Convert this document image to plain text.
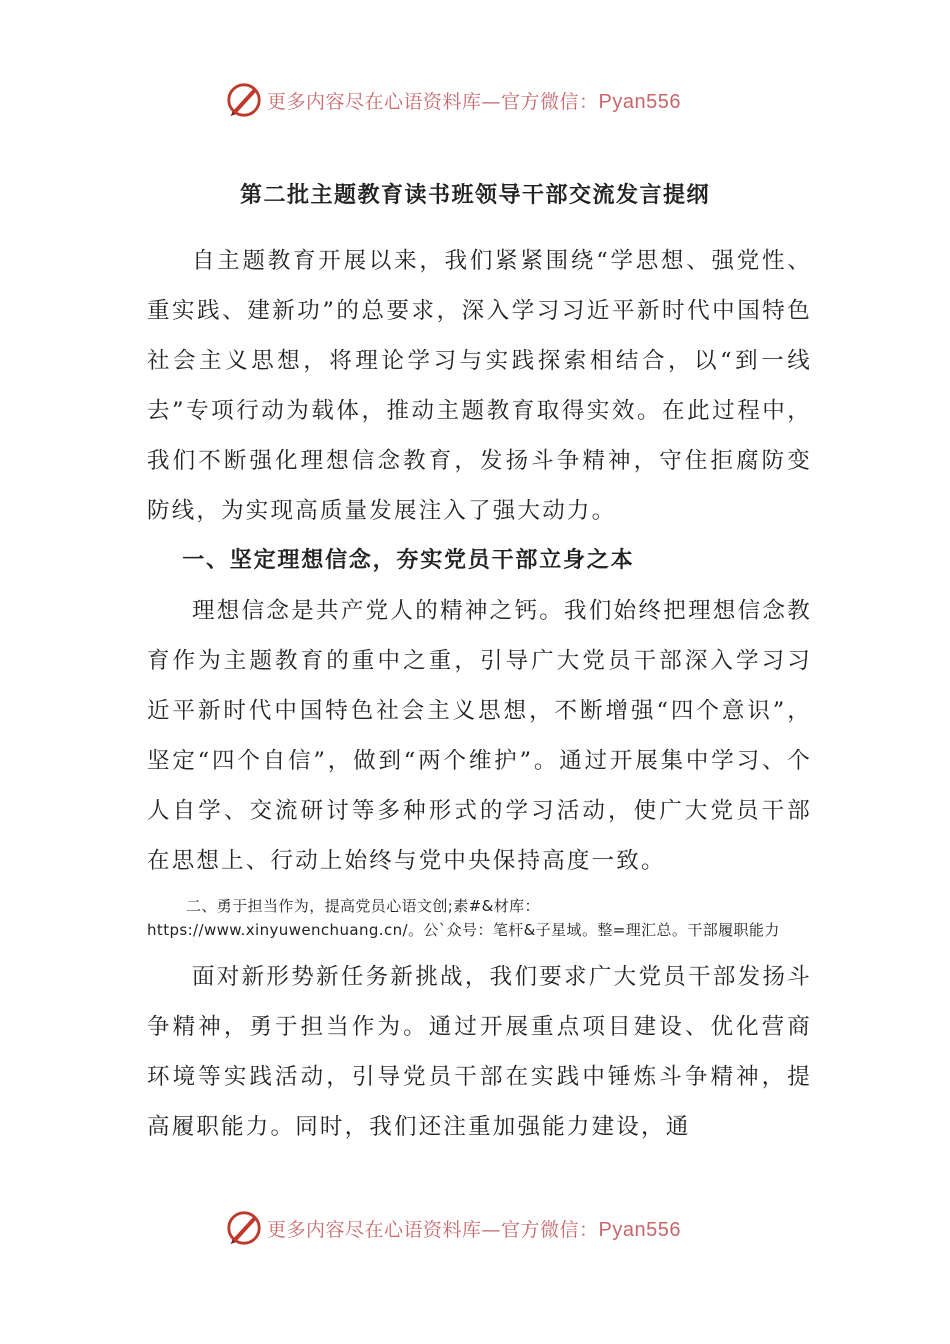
更多内容尽在心语资料库—官方微信：Pyan556
第二批主题教育读书班领导干部交流发言提纲

自主题教育开展以来，我们紧紧围绕“学思想、强党性、重实践、建新功”的总要求，深入学习习近平新时代中国特色社会主义思想，将理论学习与实践探索相结合，以“到一线去”专项行动为载体，推动主题教育取得实效。在此过程中，我们不断强化理想信念教育，发扬斗争精神，守住拒腐防变防线，为实现高质量发展注入了强大动力。

一、坚定理想信念，夯实党员干部立身之本

理想信念是共产党人的精神之钙。我们始终把理想信念教育作为主题教育的重中之重，引导广大党员干部深入学习习近平新时代中国特色社会主义思想，不断增强“四个意识”，坚定“四个自信”，做到“两个维护”。通过开展集中学习、个人自学、交流研讨等多种形式的学习活动，使广大党员干部在思想上、行动上始终与党中央保持高度一致。

二、勇于担当作为，提高党员心语文创;素#&材库：https://www.xinyuwenchuang.cn/。公`众号：笔杆&子星域。整=理汇总。干部履职能力

面对新形势新任务新挑战，我们要求广大党员干部发扬斗争精神，勇于担当作为。通过开展重点项目建设、优化营商环境等实践活动，引导党员干部在实践中锤炼斗争精神，提高履职能力。同时，我们还注重加强能力建设，通

更多内容尽在心语资料库—官方微信：Pyan556
